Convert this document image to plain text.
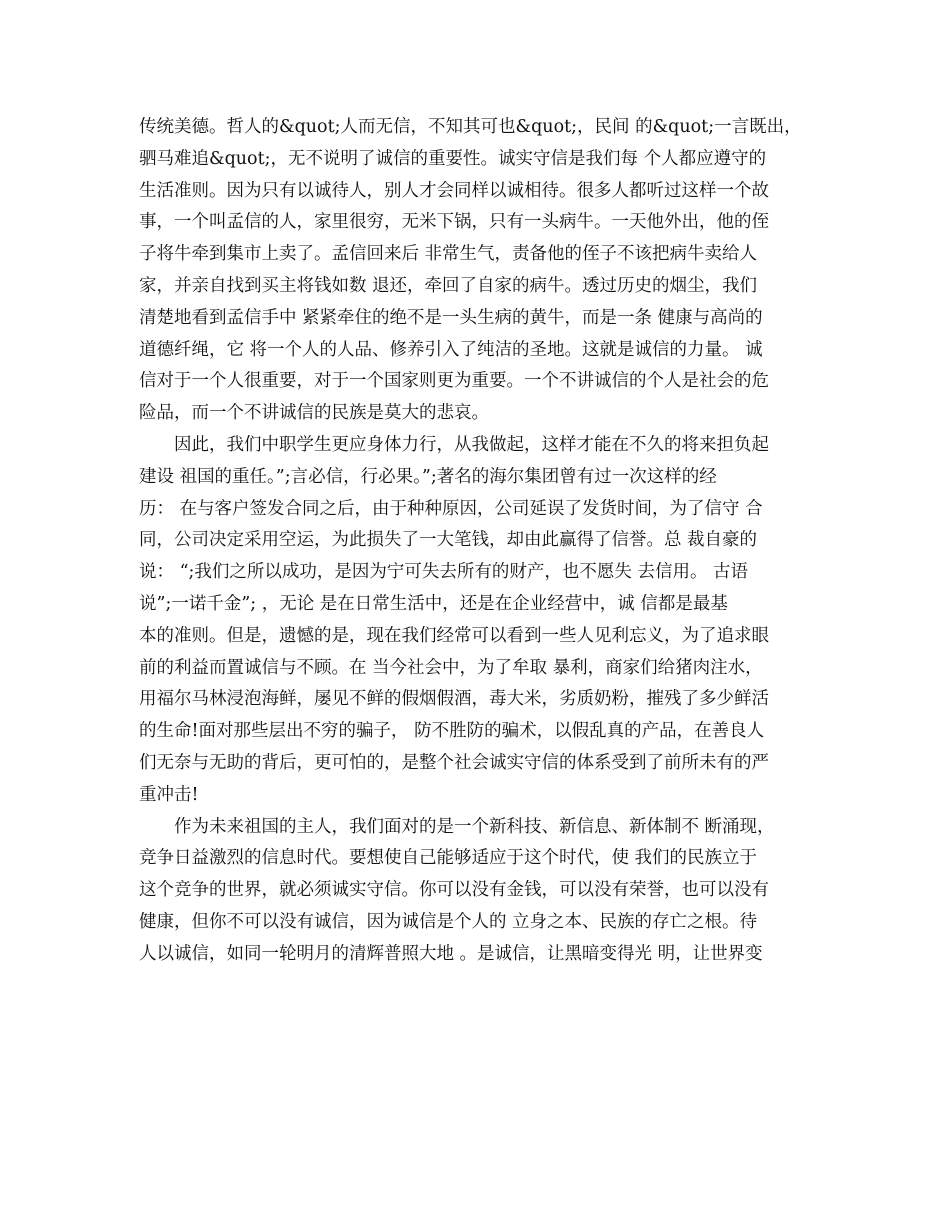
传统美德。哲人的&quot;人而无信，不知其可也&quot;，民间 的&quot;一言既出，
驷马难追&quot;，无不说明了诚信的重要性。诚实守信是我们每 个人都应遵守的
生活准则。因为只有以诚待人，别人才会同样以诚相待。很多人都听过这样一个故
事，一个叫孟信的人，家里很穷，无米下锅，只有一头病牛。一天他外出，他的侄
子将牛牵到集市上卖了。孟信回来后 非常生气，责备他的侄子不该把病牛卖给人
家，并亲自找到买主将钱如数 退还，牵回了自家的病牛。透过历史的烟尘，我们
清楚地看到孟信手中 紧紧牵住的绝不是一头生病的黄牛，而是一条 健康与高尚的
道德纤绳，它 将一个人的人品、修养引入了纯洁的圣地。这就是诚信的力量。 诚
信对于一个人很重要，对于一个国家则更为重要。一个不讲诚信的个人是社会的危
险品，而一个不讲诚信的民族是莫大的悲哀。
　　因此，我们中职学生更应身体力行，从我做起，这样才能在不久的将来担负起
建设 祖国的重任。”;言必信，行必果。”;著名的海尔集团曾有过一次这样的经
历： 在与客户签发合同之后，由于种种原因，公司延误了发货时间，为了信守 合
同，公司决定采用空运，为此损失了一大笔钱，却由此赢得了信誉。总 裁自豪的
说： “;我们之所以成功，是因为宁可失去所有的财产，也不愿失 去信用。 古语
说”;一诺千金”; ，无论 是在日常生活中，还是在企业经营中，诚 信都是最基
本的准则。但是，遗憾的是，现在我们经常可以看到一些人见利忘义，为了追求眼
前的利益而置诚信与不顾。在 当今社会中，为了牟取 暴利，商家们给猪肉注水，
用福尔马林浸泡海鲜，屡见不鲜的假烟假酒，毒大米，劣质奶粉，摧残了多少鲜活
的生命!面对那些层出不穷的骗子， 防不胜防的骗术，以假乱真的产品，在善良人
们无奈与无助的背后，更可怕的，是整个社会诚实守信的体系受到了前所未有的严
重冲击!
　　作为未来祖国的主人，我们面对的是一个新科技、新信息、新体制不 断涌现，
竞争日益激烈的信息时代。要想使自己能够适应于这个时代，使 我们的民族立于
这个竞争的世界，就必须诚实守信。你可以没有金钱，可以没有荣誉，也可以没有
健康，但你不可以没有诚信，因为诚信是个人的 立身之本、民族的存亡之根。待
人以诚信，如同一轮明月的清辉普照大地 。是诚信，让黑暗变得光 明，让世界变
